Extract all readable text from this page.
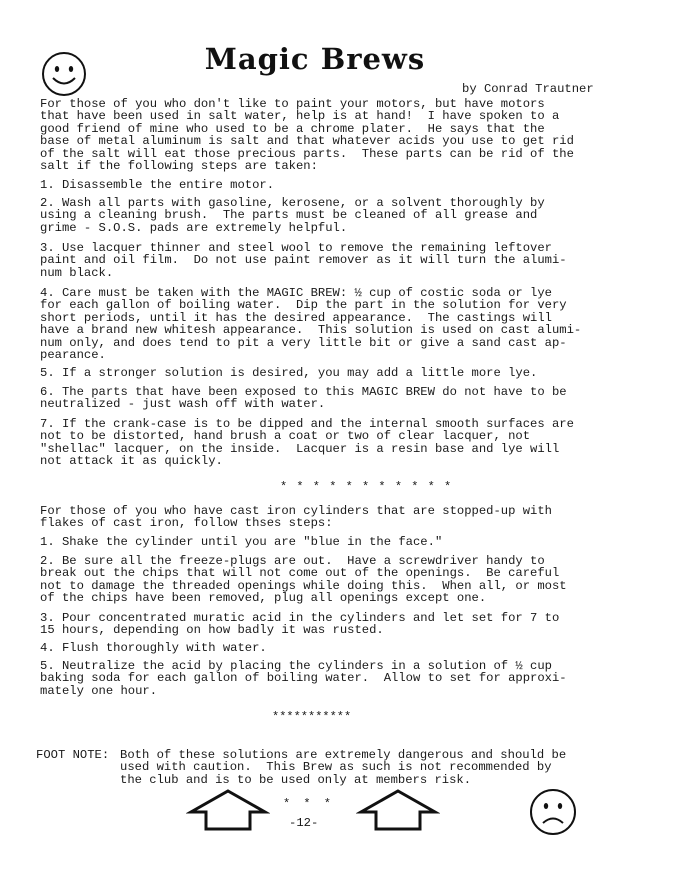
Magic Brews
by Conrad Trautner
For those of you who don't like to paint your motors, but have motors
that have been used in salt water, help is at hand!  I have spoken to a
good friend of mine who used to be a chrome plater.  He says that the
base of metal aluminum is salt and that whatever acids you use to get rid
of the salt will eat those precious parts.  These parts can be rid of the
salt if the following steps are taken:
1. Disassemble the entire motor.
2. Wash all parts with gasoline, kerosene, or a solvent thoroughly by
using a cleaning brush.  The parts must be cleaned of all grease and
grime - S.O.S. pads are extremely helpful.
3. Use lacquer thinner and steel wool to remove the remaining leftover
paint and oil film.  Do not use paint remover as it will turn the alumi-
num black.
4. Care must be taken with the MAGIC BREW: ½ cup of costic soda or lye
for each gallon of boiling water.  Dip the part in the solution for very
short periods, until it has the desired appearance.  The castings will
have a brand new whitesh appearance.  This solution is used on cast alumi-
num only, and does tend to pit a very little bit or give a sand cast ap-
pearance.
5. If a stronger solution is desired, you may add a little more lye.
6. The parts that have been exposed to this MAGIC BREW do not have to be
neutralized - just wash off with water.
7. If the crank-case is to be dipped and the internal smooth surfaces are
not to be distorted, hand brush a coat or two of clear lacquer, not
"shellac" lacquer, on the inside.  Lacquer is a resin base and lye will
not attack it as quickly.
* * * * * * * * * * *
For those of you who have cast iron cylinders that are stopped-up with
flakes of cast iron, follow thses steps:
1. Shake the cylinder until you are "blue in the face."
2. Be sure all the freeze-plugs are out.  Have a screwdriver handy to
break out the chips that will not come out of the openings.  Be careful
not to damage the threaded openings while doing this.  When all, or most
of the chips have been removed, plug all openings except one.
3. Pour concentrated muratic acid in the cylinders and let set for 7 to
15 hours, depending on how badly it was rusted.
4. Flush thoroughly with water.
5. Neutralize the acid by placing the cylinders in a solution of ½ cup
baking soda for each gallon of boiling water.  Allow to set for approxi-
mately one hour.
***********
FOOT NOTE: Both of these solutions are extremely dangerous and should be
used with caution.  This Brew as such is not recommended by
the club and is to be used only at members risk.
* * *
-12-
